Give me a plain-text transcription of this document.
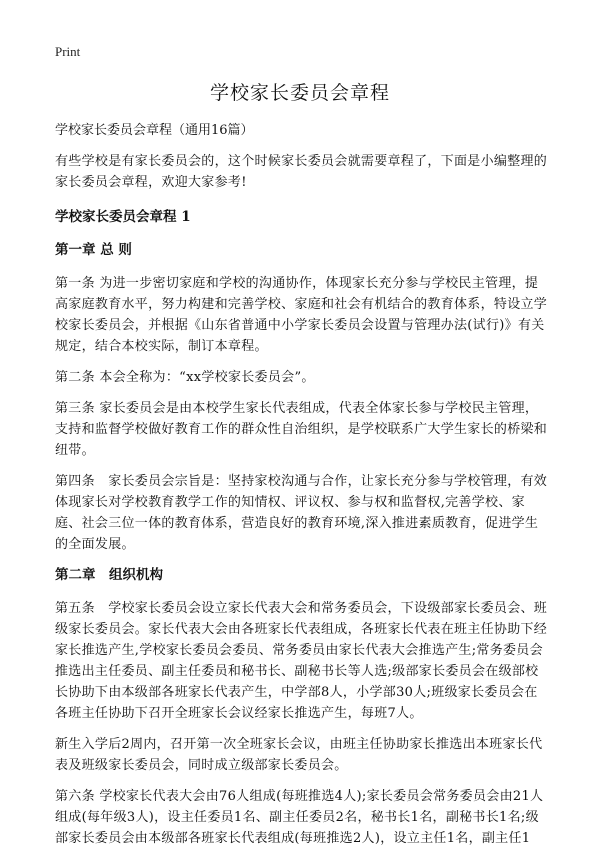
Print
学校家长委员会章程

学校家长委员会章程（通用16篇）

有些学校是有家长委员会的，这个时候家长委员会就需要章程了，下面是小编整理的家长委员会章程，欢迎大家参考!

学校家长委员会章程 1
第一章 总 则

第一条 为进一步密切家庭和学校的沟通协作，体现家长充分参与学校民主管理，提高家庭教育水平，努力构建和完善学校、家庭和社会有机结合的教育体系，特设立学校家长委员会，并根据《山东省普通中小学家长委员会设置与管理办法(试行)》有关规定，结合本校实际，制订本章程。

第二条 本会全称为：“xx学校家长委员会”。

第三条 家长委员会是由本校学生家长代表组成，代表全体家长参与学校民主管理，支持和监督学校做好教育工作的群众性自治组织，是学校联系广大学生家长的桥梁和纽带。

第四条　家长委员会宗旨是：坚持家校沟通与合作，让家长充分参与学校管理，有效体现家长对学校教育教学工作的知情权、评议权、参与权和监督权,完善学校、家庭、社会三位一体的教育体系，营造良好的教育环境,深入推进素质教育，促进学生的全面发展。

第二章　组织机构

第五条　学校家长委员会设立家长代表大会和常务委员会，下设级部家长委员会、班级家长委员会。家长代表大会由各班家长代表组成，各班家长代表在班主任协助下经家长推选产生,学校家长委员会委员、常务委员由家长代表大会推选产生;常务委员会推选出主任委员、副主任委员和秘书长、副秘书长等人选;级部家长委员会在级部校长协助下由本级部各班家长代表产生，中学部8人，小学部30人;班级家长委员会在各班主任协助下召开全班家长会议经家长推选产生，每班7人。

新生入学后2周内，召开第一次全班家长会议，由班主任协助家长推选出本班家长代表及班级家长委员会，同时成立级部家长委员会。

第六条 学校家长代表大会由76人组成(每班推选4人);家长委员会常务委员会由21人组成(每年级3人)，设主任委员1名、副主任委员2名，秘书长1名，副秘书长1名;级部家长委员会由本级部各班家长代表组成(每班推选2人)，设立主任1名，副主任1
